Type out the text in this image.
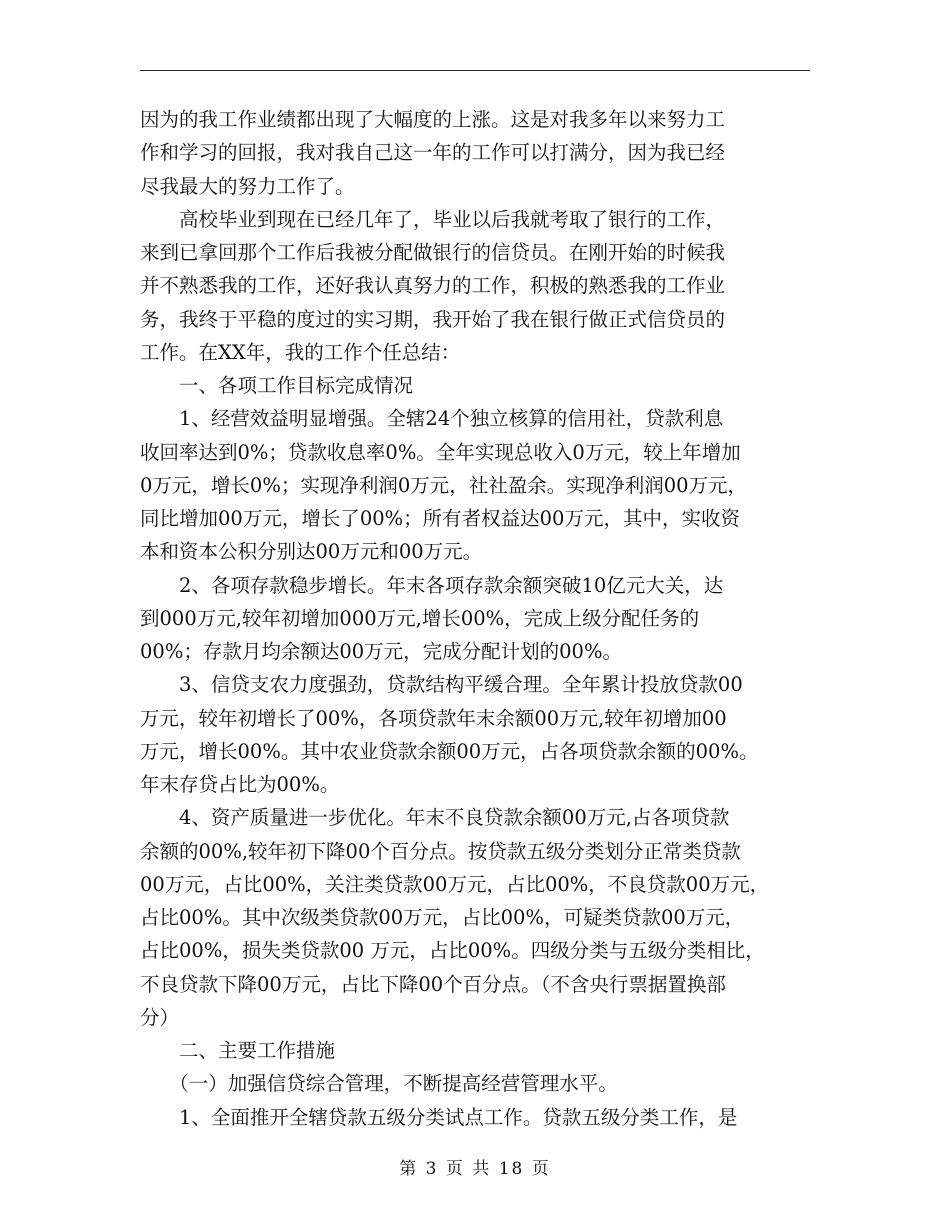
因为的我工作业绩都出现了大幅度的上涨。这是对我多年以来努力工
作和学习的回报，我对我自己这一年的工作可以打满分，因为我已经
尽我最大的努力工作了。
　　高校毕业到现在已经几年了，毕业以后我就考取了银行的工作，
来到已拿回那个工作后我被分配做银行的信贷员。在刚开始的时候我
并不熟悉我的工作，还好我认真努力的工作，积极的熟悉我的工作业
务，我终于平稳的度过的实习期，我开始了我在银行做正式信贷员的
工作。在XX年，我的工作个任总结：
　　一、各项工作目标完成情况
　　1、经营效益明显增强。全辖24个独立核算的信用社，贷款利息
收回率达到0%；贷款收息率0%。全年实现总收入0万元，较上年增加
0万元，增长0%；实现净利润0万元，社社盈余。实现净利润00万元，
同比增加00万元，增长了00%；所有者权益达00万元，其中，实收资
本和资本公积分别达00万元和00万元。
　　2、各项存款稳步增长。年末各项存款余额突破10亿元大关，达
到000万元,较年初增加000万元,增长00%，完成上级分配任务的
00%；存款月均余额达00万元，完成分配计划的00%。
　　3、信贷支农力度强劲，贷款结构平缓合理。全年累计投放贷款00
万元，较年初增长了00%，各项贷款年末余额00万元,较年初增加00
万元，增长00%。其中农业贷款余额00万元，占各项贷款余额的00%。
年末存贷占比为00%。
　　4、资产质量进一步优化。年末不良贷款余额00万元,占各项贷款
余额的00%,较年初下降00个百分点。按贷款五级分类划分正常类贷款
00万元，占比00%，关注类贷款00万元，占比00%，不良贷款00万元，
占比00%。其中次级类贷款00万元，占比00%，可疑类贷款00万元，
占比00%，损失类贷款00 万元，占比00%。四级分类与五级分类相比，
不良贷款下降00万元，占比下降00个百分点。（不含央行票据置换部
分）
　　二、主要工作措施
　　（一）加强信贷综合管理，不断提高经营管理水平。
　　1、全面推开全辖贷款五级分类试点工作。贷款五级分类工作，是
第 3 页 共 18 页
